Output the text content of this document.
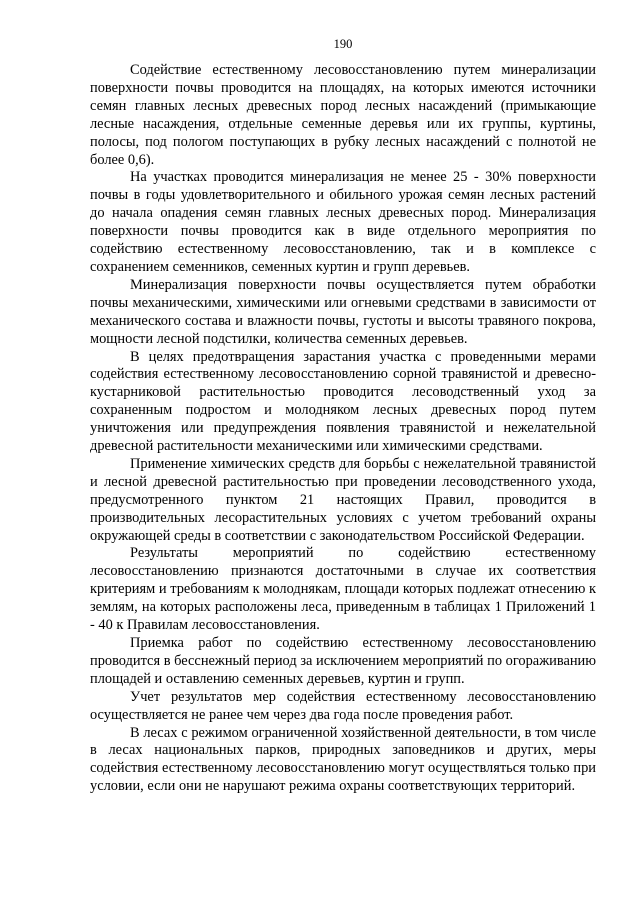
190

Содействие естественному лесовосстановлению путем минерализации поверхности почвы проводится на площадях, на которых имеются источники семян главных лесных древесных пород лесных насаждений (примыкающие лесные насаждения, отдельные семенные деревья или их группы, куртины, полосы, под пологом поступающих в рубку лесных насаждений с полнотой не более 0,6).

На участках проводится минерализация не менее 25 - 30% поверхности почвы в годы удовлетворительного и обильного урожая семян лесных растений до начала опадения семян главных лесных древесных пород. Минерализация поверхности почвы проводится как в виде отдельного мероприятия по содействию естественному лесовосстановлению, так и в комплексе с сохранением семенников, семенных куртин и групп деревьев.

Минерализация поверхности почвы осуществляется путем обработки почвы механическими, химическими или огневыми средствами в зависимости от механического состава и влажности почвы, густоты и высоты травяного покрова, мощности лесной подстилки, количества семенных деревьев.

В целях предотвращения зарастания участка с проведенными мерами содействия естественному лесовосстановлению сорной травянистой и древесно-кустарниковой растительностью проводится лесоводственный уход за сохраненным подростом и молодняком лесных древесных пород путем уничтожения или предупреждения появления травянистой и нежелательной древесной растительности механическими или химическими средствами.

Применение химических средств для борьбы с нежелательной травянистой и лесной древесной растительностью при проведении лесоводственного ухода, предусмотренного пунктом 21 настоящих Правил, проводится в производительных лесорастительных условиях с учетом требований охраны окружающей среды в соответствии с законодательством Российской Федерации.

Результаты мероприятий по содействию естественному лесовосстановлению признаются достаточными в случае их соответствия критериям и требованиям к молоднякам, площади которых подлежат отнесению к землям, на которых расположены леса, приведенным в таблицах 1 Приложений 1 - 40 к Правилам лесовосстановления.

Приемка работ по содействию естественному лесовосстановлению проводится в бесснежный период за исключением мероприятий по огораживанию площадей и оставлению семенных деревьев, куртин и групп.

Учет результатов мер содействия естественному лесовосстановлению осуществляется не ранее чем через два года после проведения работ.

В лесах с режимом ограниченной хозяйственной деятельности, в том числе в лесах национальных парков, природных заповедников и других, меры содействия естественному лесовосстановлению могут осуществляться только при условии, если они не нарушают режима охраны соответствующих территорий.
